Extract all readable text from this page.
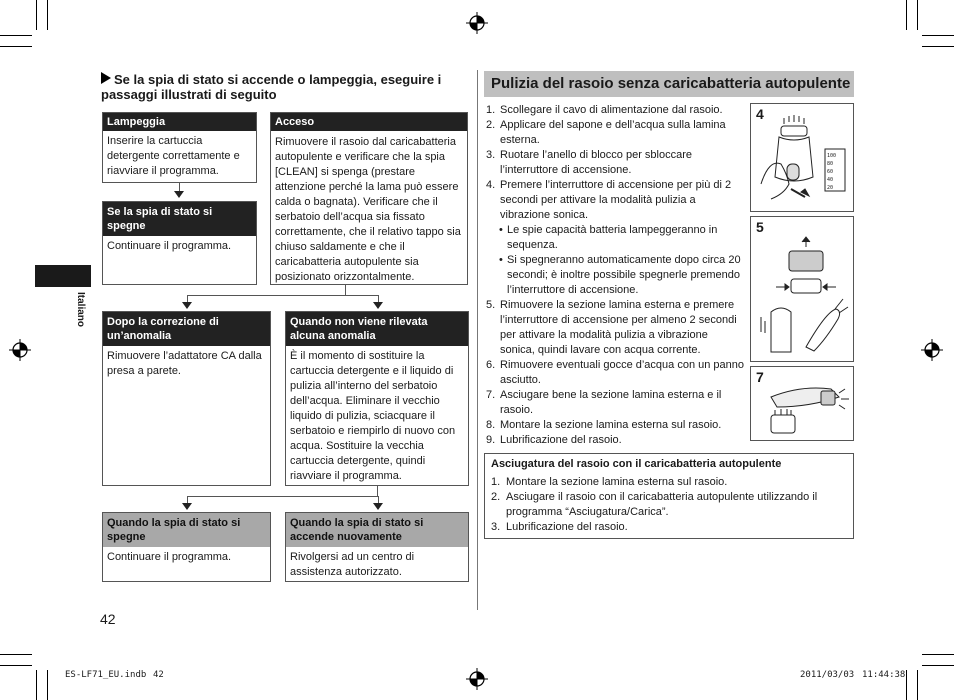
Italiano
Se la spia di stato si accende o lampeggia, eseguire i passaggi illustrati di seguito
Lampeggia
Inserire la cartuccia detergente correttamente e riavviare il programma.
Acceso
Rimuovere il rasoio dal caricabatteria autopulente e verificare che la spia [CLEAN] si spenga (prestare attenzione perché la lama può essere calda o bagnata). Verificare che il serbatoio dell’acqua sia fissato correttamente, che il relativo tappo sia chiuso saldamente e che il caricabatteria autopulente sia posizionato orizzontalmente.
Se la spia di stato si spegne
Continuare il programma.
Dopo la correzione di un’anomalia
Rimuovere l’adattatore CA dalla presa a parete.
Quando non viene rilevata alcuna anomalia
È il momento di sostituire la cartuccia detergente e il liquido di pulizia all’interno del serbatoio dell’acqua. Eliminare il vecchio liquido di pulizia, sciacquare il serbatoio e riempirlo di nuovo con acqua. Sostituire la vecchia cartuccia detergente, quindi riavviare il programma.
Quando la spia di stato si spegne
Continuare il programma.
Quando la spia di stato si accende nuovamente
Rivolgersi ad un centro di assistenza autorizzato.
Pulizia del rasoio senza caricabatteria autopulente
1. Scollegare il cavo di alimentazione dal rasoio.
2. Applicare del sapone e dell’acqua sulla lamina esterna.
3. Ruotare l’anello di blocco per sbloccare l’interruttore di accensione.
4. Premere l’interruttore di accensione per più di 2 secondi per attivare la modalità pulizia a vibrazione sonica.
• Le spie capacità batteria lampeggeranno in sequenza.
• Si spegneranno automaticamente dopo circa 20 secondi; è inoltre possibile spegnerle premendo l’interruttore di accensione.
5. Rimuovere la sezione lamina esterna e premere l’interruttore di accensione per almeno 2 secondi per attivare la modalità pulizia a vibrazione sonica, quindi lavare con acqua corrente.
6. Rimuovere eventuali gocce d’acqua con un panno asciutto.
7. Asciugare bene la sezione lamina esterna e il rasoio.
8. Montare la sezione lamina esterna sul rasoio.
9. Lubrificazione del rasoio.
4
100
80
60
40
20
5
7
Asciugatura del rasoio con il caricabatteria autopulente
1. Montare la sezione lamina esterna sul rasoio.
2. Asciugare il rasoio con il caricabatteria autopulente utilizzando il programma “Asciugatura/Carica”.
3. Lubrificazione del rasoio.
42
ES-LF71_EU.indb 42	2011/03/03 11:44:38
